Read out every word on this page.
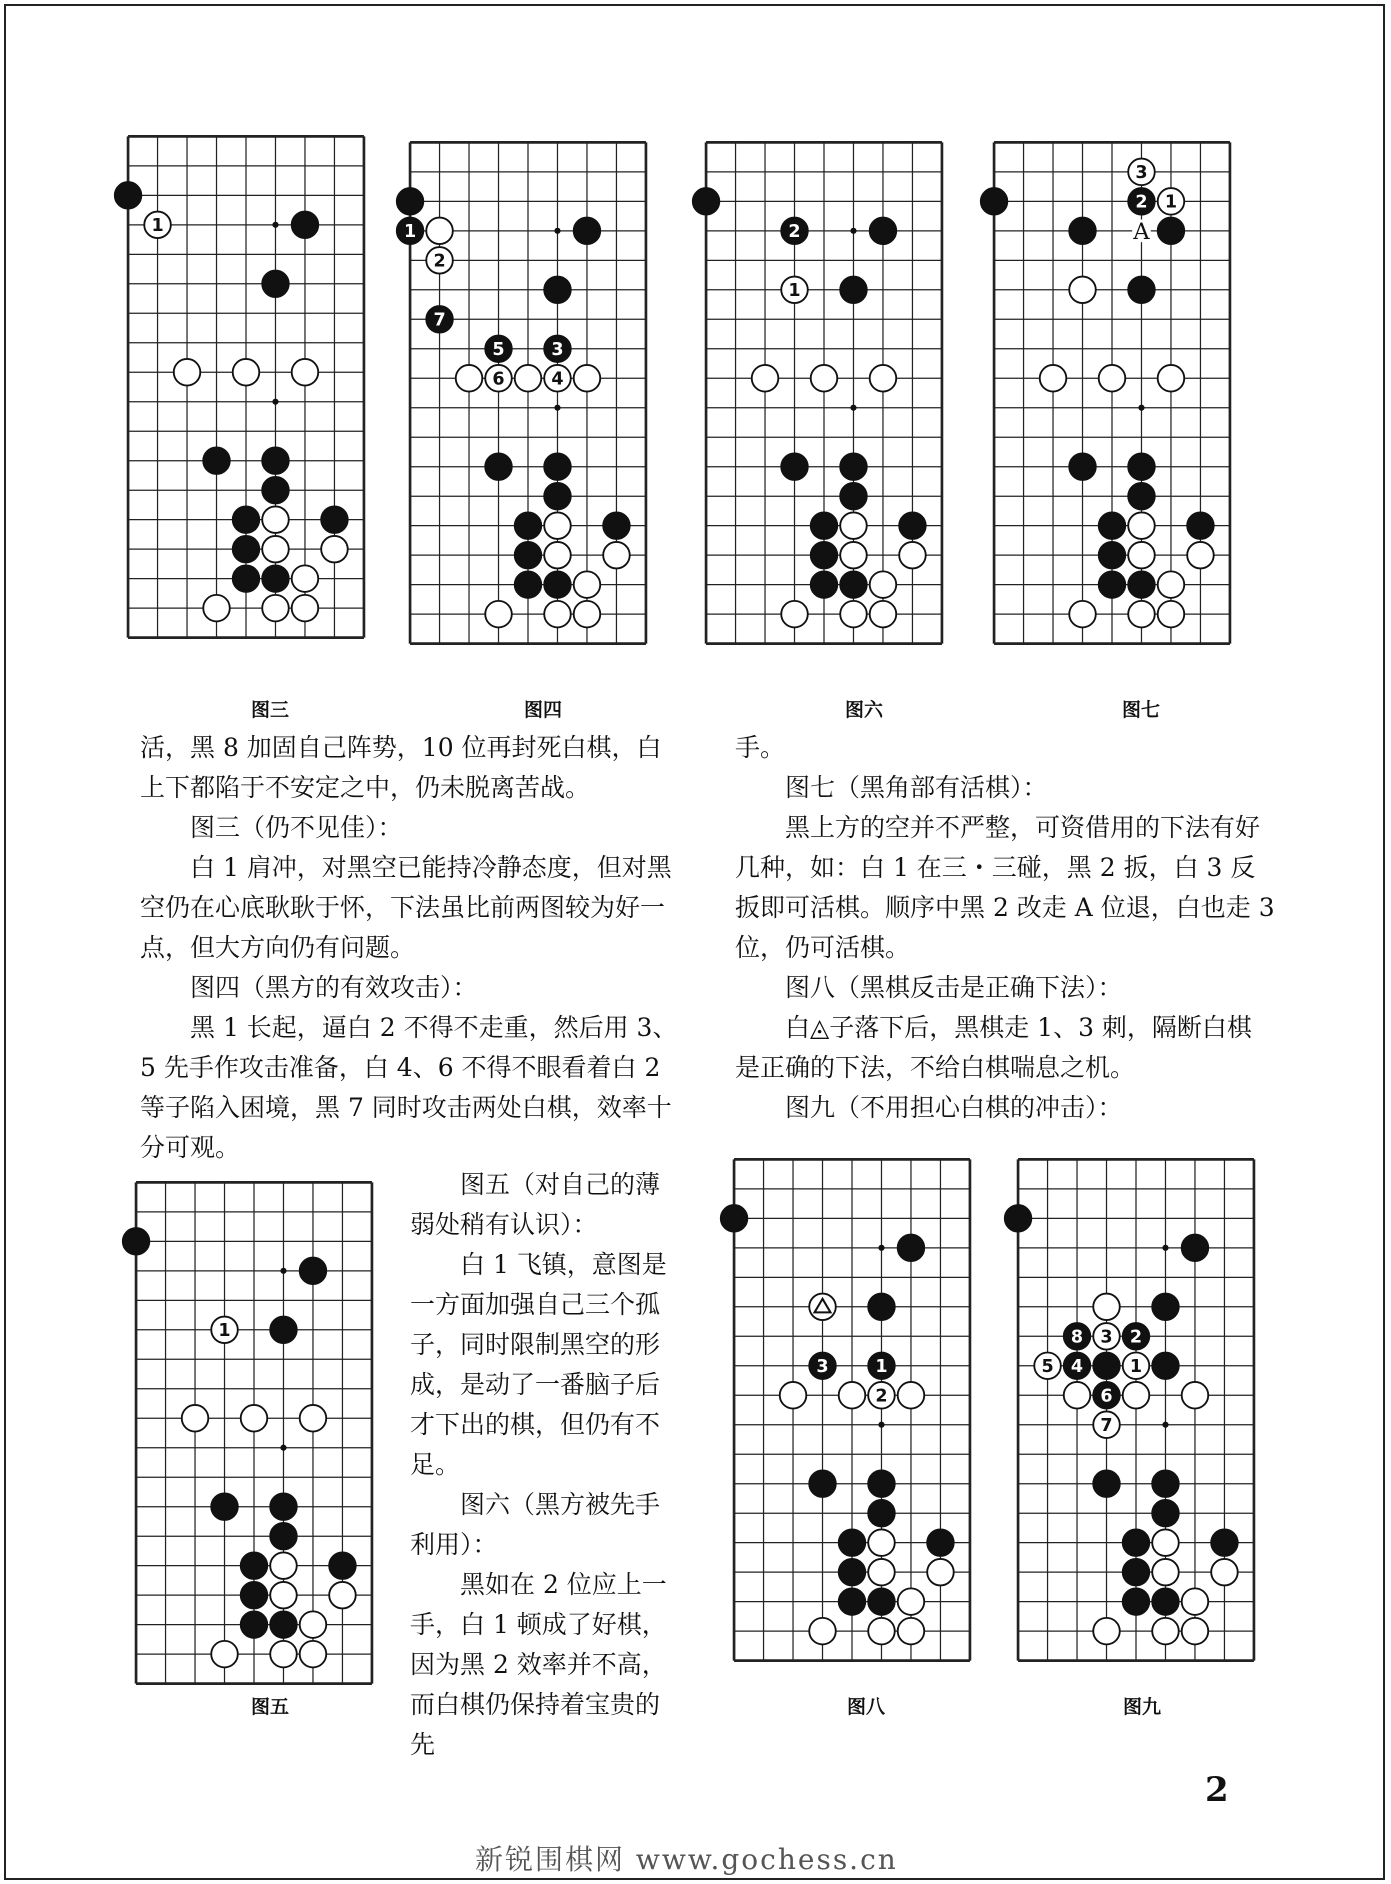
1	1
2
7
5	3
6	4
2
1
3
2 1
A
图三	图四	图六	图七

活，黑 8 加固自己阵势，10 位再封死白棋，白上下都陷于不安定之中，仍未脱离苦战。

图三（仍不见佳）：

白 1 肩冲，对黑空已能持冷静态度，但对黑空仍在心底耿耿于怀，下法虽比前两图较为好一点，但大方向仍有问题。

图四（黑方的有效攻击）：

黑 1 长起，逼白 2 不得不走重，然后用 3、5 先手作攻击准备，白 4、6 不得不眼看着白 2 等子陷入困境，黑 7 同时攻击两处白棋，效率十分可观。

手。

图七（黑角部有活棋）：

黑上方的空并不严整，可资借用的下法有好几种，如：白 1 在三・三碰，黑 2 扳，白 3 反扳即可活棋。顺序中黑 2 改走 A 位退，白也走 3 位，仍可活棋。

图八（黑棋反击是正确下法）：

白◬子落下后，黑棋走 1、3 刺，隔断白棋是正确的下法，不给白棋喘息之机。

图九（不用担心白棋的冲击）：

1
图五

图五（对自己的薄弱处稍有认识）：

白 1 飞镇，意图是一方面加强自己三个孤子，同时限制黑空的形成，是动了一番脑子后才下出的棋，但仍有不足。

图六（黑方被先手利用）：

黑如在 2 位应上一手，白 1 顿成了好棋，因为黑 2 效率并不高，而白棋仍保持着宝贵的先

3	1
2
8 3 2
5 4	1
6
7
图八	图九
2
新锐围棋网 www.gochess.cn
